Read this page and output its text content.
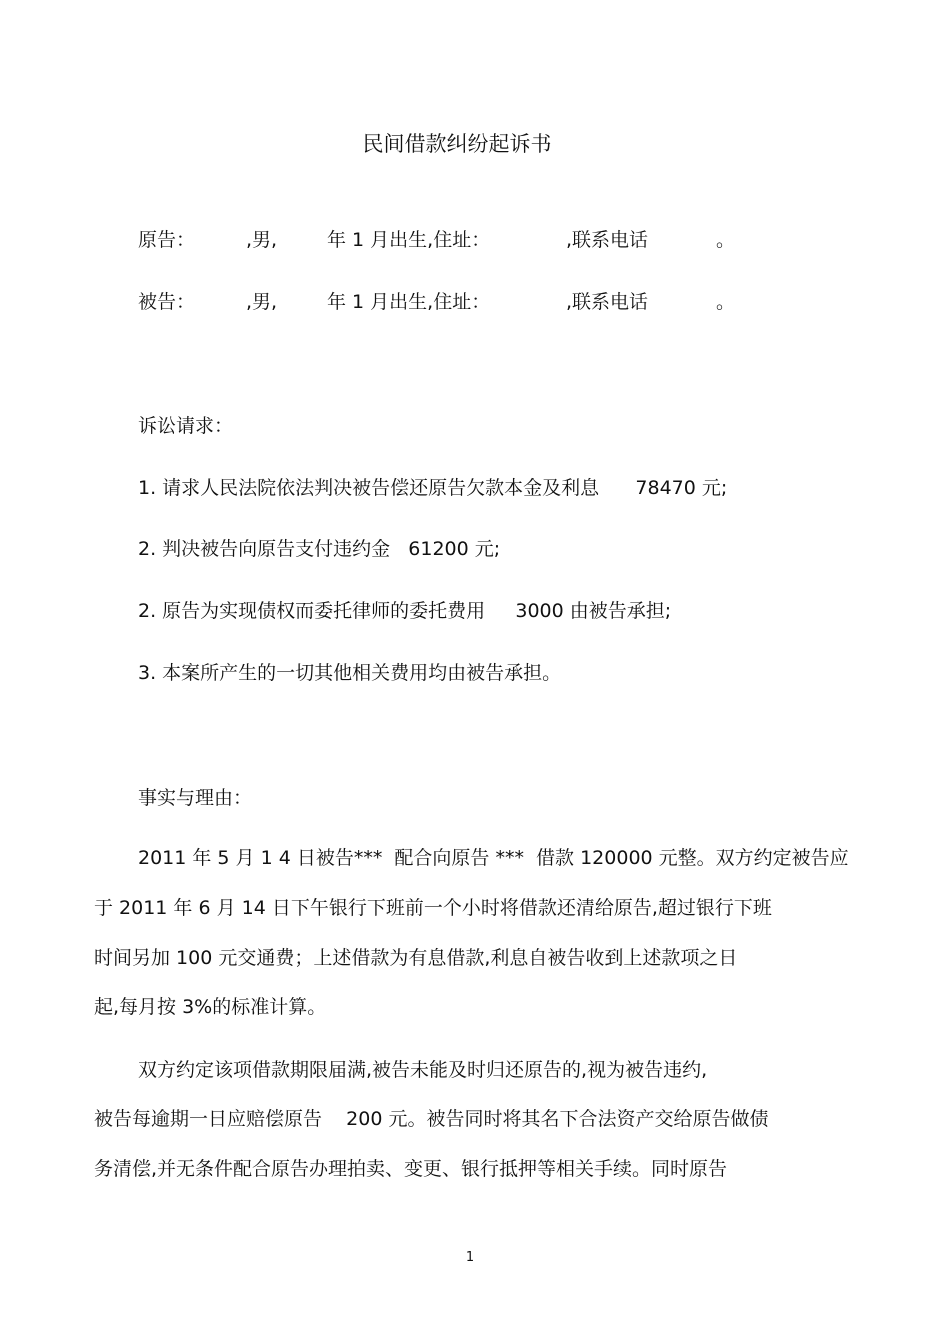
民间借款纠纷起诉书
原告：	,男,	年 1 月出生,住址：	,联系电话	。
被告：	,男,	年 1 月出生,住址：	,联系电话	。
诉讼请求：
1. 请求人民法院依法判决被告偿还原告欠款本金及利息      78470 元;
2. 判决被告向原告支付违约金   61200 元;
2. 原告为实现债权而委托律师的委托费用     3000 由被告承担;
3. 本案所产生的一切其他相关费用均由被告承担。
事实与理由：
2011 年 5 月 1 4 日被告***  配合向原告 ***  借款 120000 元整。双方约定被告应
于 2011 年 6 月 14 日下午银行下班前一个小时将借款还清给原告,超过银行下班
时间另加 100 元交通费；上述借款为有息借款,利息自被告收到上述款项之日
起,每月按 3%的标准计算。
双方约定该项借款期限届满,被告未能及时归还原告的,视为被告违约,
被告每逾期一日应赔偿原告    200 元。被告同时将其名下合法资产交给原告做债
务清偿,并无条件配合原告办理拍卖、变更、银行抵押等相关手续。同时原告
1
